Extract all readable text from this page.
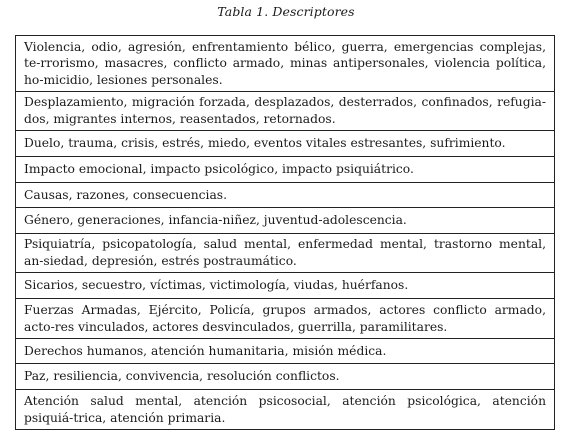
Tabla 1. Descriptores
Violencia, odio, agresión, enfrentamiento bélico, guerra, emergencias complejas, te-rrorismo, masacres, conflicto armado, minas antipersonales, violencia política, ho-micidio, lesiones personales.
Desplazamiento, migración forzada, desplazados, desterrados, confinados, refugia-dos, migrantes internos, reasentados, retornados.
Duelo, trauma, crisis, estrés, miedo, eventos vitales estresantes, sufrimiento.
Impacto emocional, impacto psicológico, impacto psiquiátrico.
Causas, razones, consecuencias.
Género, generaciones, infancia-niñez, juventud-adolescencia.
Psiquiatría, psicopatología, salud mental, enfermedad mental, trastorno mental, an-siedad, depresión, estrés postraumático.
Sicarios, secuestro, víctimas, victimología, viudas, huérfanos.
Fuerzas Armadas, Ejército, Policía, grupos armados, actores conflicto armado, acto-res vinculados, actores desvinculados, guerrilla, paramilitares.
Derechos humanos, atención humanitaria, misión médica.
Paz, resiliencia, convivencia, resolución conflictos.
Atención salud mental, atención psicosocial, atención psicológica, atención psiquiá-trica, atención primaria.
